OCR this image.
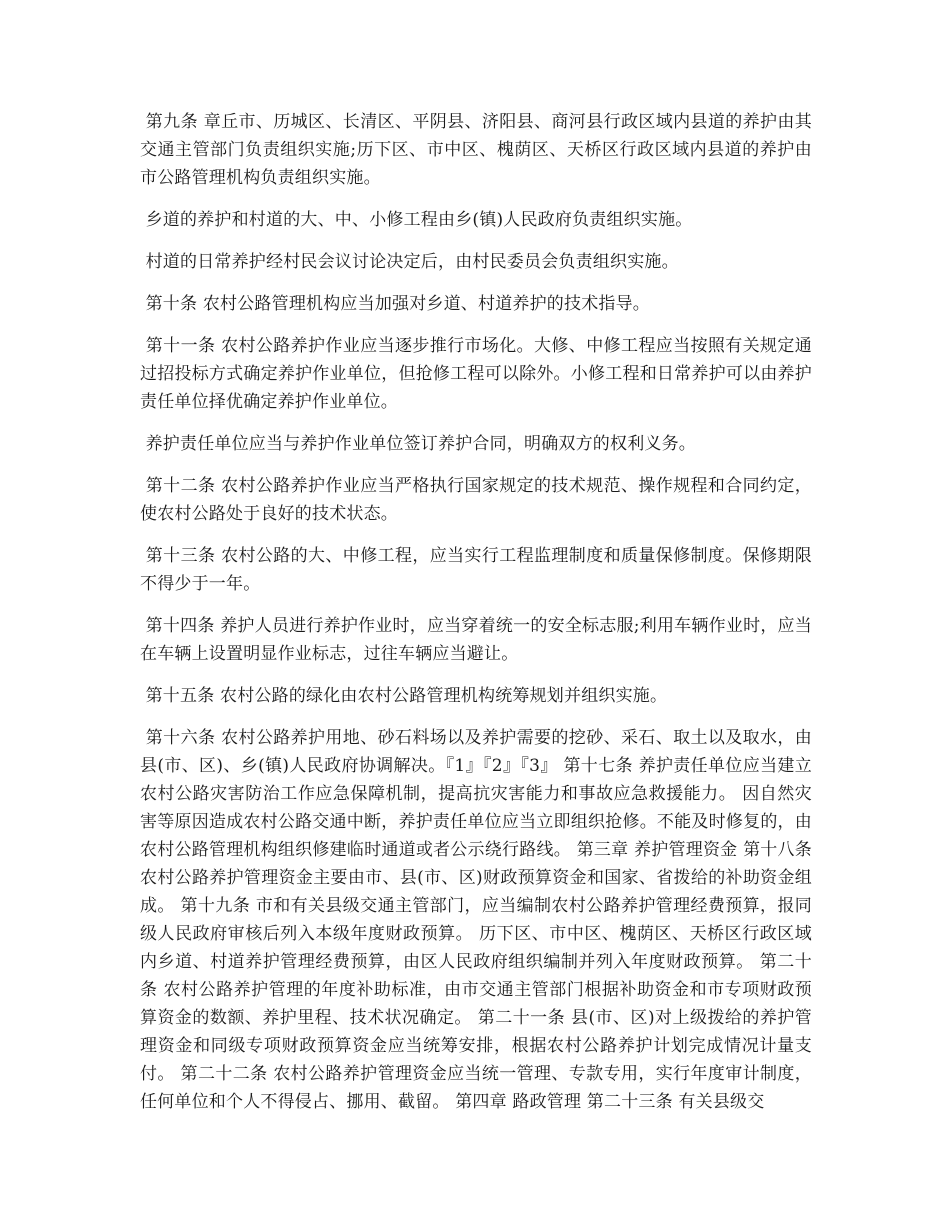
第九条 章丘市、历城区、长清区、平阴县、济阳县、商河县行政区域内县道的养护由其交通主管部门负责组织实施;历下区、市中区、槐荫区、天桥区行政区域内县道的养护由市公路管理机构负责组织实施。

乡道的养护和村道的大、中、小修工程由乡(镇)人民政府负责组织实施。

村道的日常养护经村民会议讨论决定后，由村民委员会负责组织实施。

第十条 农村公路管理机构应当加强对乡道、村道养护的技术指导。

第十一条 农村公路养护作业应当逐步推行市场化。大修、中修工程应当按照有关规定通过招投标方式确定养护作业单位，但抢修工程可以除外。小修工程和日常养护可以由养护责任单位择优确定养护作业单位。

养护责任单位应当与养护作业单位签订养护合同，明确双方的权利义务。

第十二条 农村公路养护作业应当严格执行国家规定的技术规范、操作规程和合同约定，使农村公路处于良好的技术状态。

第十三条 农村公路的大、中修工程，应当实行工程监理制度和质量保修制度。保修期限不得少于一年。

第十四条 养护人员进行养护作业时，应当穿着统一的安全标志服;利用车辆作业时，应当在车辆上设置明显作业标志，过往车辆应当避让。

第十五条 农村公路的绿化由农村公路管理机构统筹规划并组织实施。

第十六条 农村公路养护用地、砂石料场以及养护需要的挖砂、采石、取土以及取水，由县(市、区)、乡(镇)人民政府协调解决。『1』『2』『3』 第十七条 养护责任单位应当建立农村公路灾害防治工作应急保障机制，提高抗灾害能力和事故应急救援能力。 因自然灾害等原因造成农村公路交通中断，养护责任单位应当立即组织抢修。不能及时修复的，由农村公路管理机构组织修建临时通道或者公示绕行路线。 第三章 养护管理资金 第十八条 农村公路养护管理资金主要由市、县(市、区)财政预算资金和国家、省拨给的补助资金组成。 第十九条 市和有关县级交通主管部门，应当编制农村公路养护管理经费预算，报同级人民政府审核后列入本级年度财政预算。 历下区、市中区、槐荫区、天桥区行政区域内乡道、村道养护管理经费预算，由区人民政府组织编制并列入年度财政预算。 第二十条 农村公路养护管理的年度补助标准，由市交通主管部门根据补助资金和市专项财政预算资金的数额、养护里程、技术状况确定。 第二十一条 县(市、区)对上级拨给的养护管理资金和同级专项财政预算资金应当统筹安排，根据农村公路养护计划完成情况计量支付。 第二十二条 农村公路养护管理资金应当统一管理、专款专用，实行年度审计制度，任何单位和个人不得侵占、挪用、截留。 第四章 路政管理 第二十三条 有关县级交
